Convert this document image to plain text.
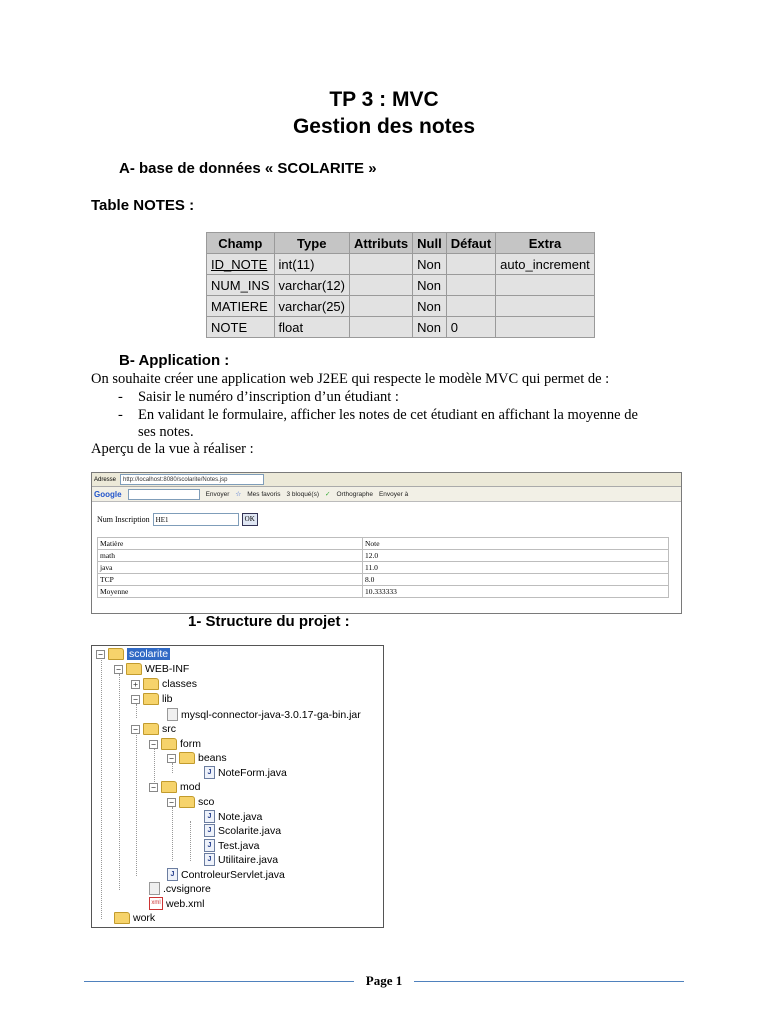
TP 3 : MVC
Gestion des notes
A- base de données « SCOLARITE »
Table NOTES :
Champ	Type	Attributs	Null	Défaut	Extra
ID_NOTE	int(11)		Non		auto_increment
NUM_INS	varchar(12)		Non		
MATIERE	varchar(25)		Non		
NOTE	float		Non	0	
B- Application :
On souhaite créer une application web J2EE qui respecte le modèle MVC qui permet de :
- Saisir le numéro d’inscription d’un étudiant :
- En validant le formulaire, afficher les notes de cet étudiant en affichant la moyenne de
ses notes.
Aperçu de la vue à réaliser :
Adresse	http://localhost:8080/scolarite/Notes.jsp
Google	Envoyer ☆ Mes favoris 3 bloqué(s) ✓ Orthographe Envoyer à
Num Inscription HE1	OK
Matière	Note
math	12.0
java	11.0
TCP	8.0
Moyenne	10.333333
1- Structure du projet :
− scolarite
− WEB-INF
+ classes
− lib
mysql-connector-java-3.0.17-ga-bin.jar
− src
− form
− beans
J NoteForm.java
− mod
− sco
J Note.java
J Scolarite.java
J Test.java
J Utilitaire.java
J ControleurServlet.java
.cvsignore
xml web.xml
work
Page 1
